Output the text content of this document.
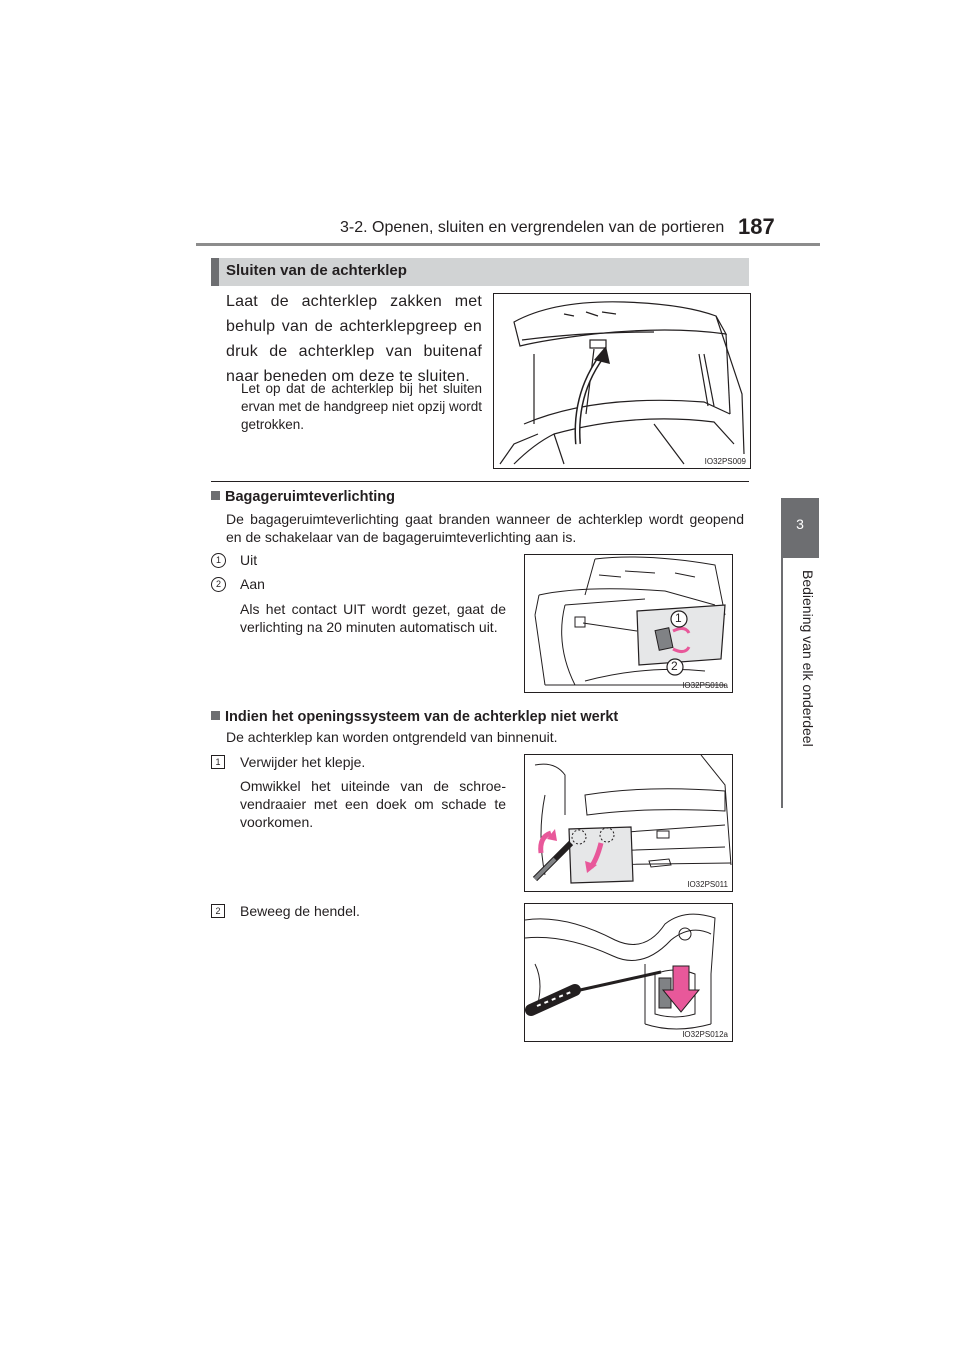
3-2. Openen, sluiten en vergrendelen van de portieren 187
3
Bediening van elk onderdeel
Sluiten van de achterklep
Laat de achterklep zakken met behulp van de achterklepgreep en druk de achterklep van buitenaf naar beneden om deze te sluiten.
Let op dat de achterklep bij het sluiten ervan met de handgreep niet opzij wordt getrokken.
IO32PS009
Bagageruimteverlichting
De bagageruimteverlichting gaat branden wanneer de achterklep wordt geopend en de schakelaar van de bagageruimteverlichting aan is.
1	Uit
2	Aan
Als het contact UIT wordt gezet, gaat de verlichting na 20 minuten automatisch uit.
1
2
IO32PS010a
Indien het openingssysteem van de achterklep niet werkt
De achterklep kan worden ontgrendeld van binnenuit.
1	Verwijder het klepje.
Omwikkel het uiteinde van de schroe-vendraaier met een doek om schade te voorkomen.
IO32PS011
2	Beweeg de hendel.
IO32PS012a
